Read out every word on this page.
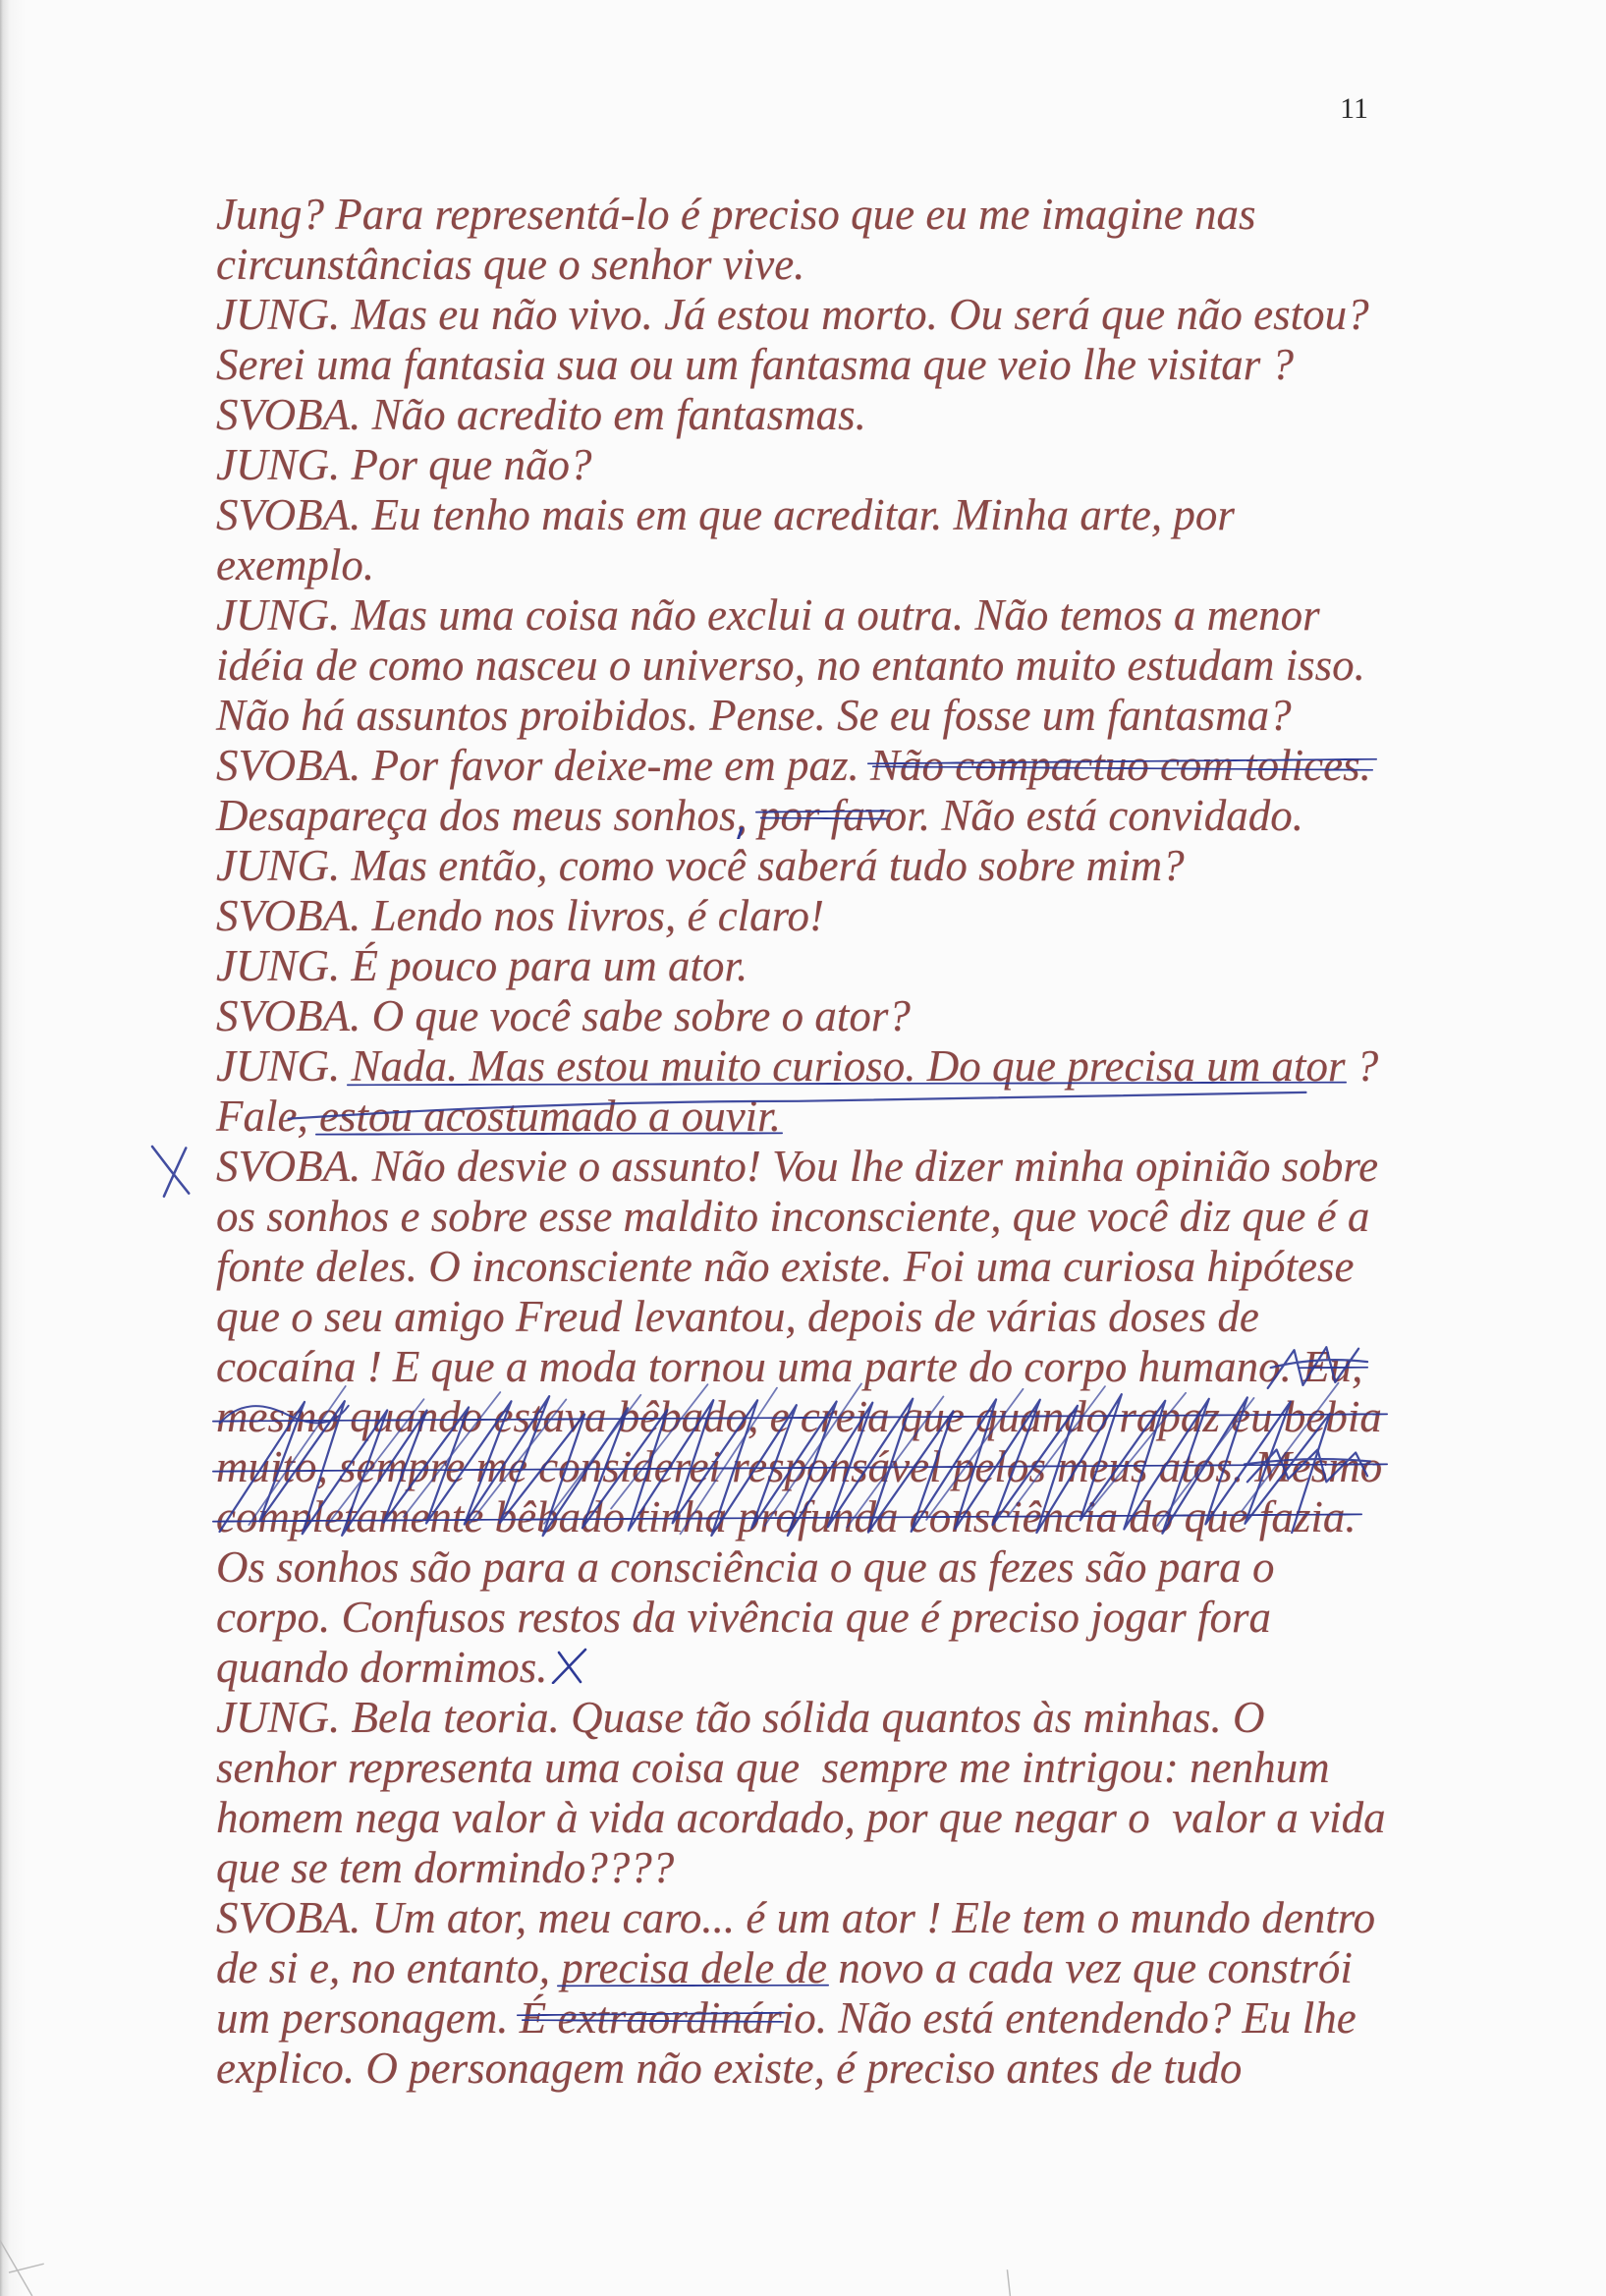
11
Jung? Para representá-lo é preciso que eu me imagine nas
circunstâncias que o senhor vive.
JUNG. Mas eu não vivo. Já estou morto. Ou será que não estou?
Serei uma fantasia sua ou um fantasma que veio lhe visitar ?
SVOBA. Não acredito em fantasmas.
JUNG. Por que não?
SVOBA. Eu tenho mais em que acreditar. Minha arte, por
exemplo.
JUNG. Mas uma coisa não exclui a outra. Não temos a menor
idéia de como nasceu o universo, no entanto muito estudam isso.
Não há assuntos proibidos. Pense. Se eu fosse um fantasma?
SVOBA. Por favor deixe-me em paz. Não compactuo com tolices.
Desapareça dos meus sonhos, por favor. Não está convidado.
JUNG. Mas então, como você saberá tudo sobre mim?
SVOBA. Lendo nos livros, é claro!
JUNG. É pouco para um ator.
SVOBA. O que você sabe sobre o ator?
JUNG. Nada. Mas estou muito curioso. Do que precisa um ator ?
Fale, estou acostumado a ouvir.
SVOBA. Não desvie o assunto! Vou lhe dizer minha opinião sobre
os sonhos e sobre esse maldito inconsciente, que você diz que é a
fonte deles. O inconsciente não existe. Foi uma curiosa hipótese
que o seu amigo Freud levantou, depois de várias doses de
cocaína ! E que a moda tornou uma parte do corpo humano. Eu,
mesmo quando estava bêbado, e creia que quando rapaz eu bebia
muito, sempre me considerei responsável pelos meus atos. Mesmo
completamente bêbado tinha profunda consciência do que fazia.
Os sonhos são para a consciência o que as fezes são para o
corpo. Confusos restos da vivência que é preciso jogar fora
quando dormimos.
JUNG. Bela teoria. Quase tão sólida quantos às minhas. O
senhor representa uma coisa que  sempre me intrigou: nenhum
homem nega valor à vida acordado, por que negar o  valor a vida
que se tem dormindo????
SVOBA. Um ator, meu caro... é um ator ! Ele tem o mundo dentro
de si e, no entanto, precisa dele de novo a cada vez que constrói
um personagem. É extraordinário. Não está entendendo? Eu lhe
explico. O personagem não existe, é preciso antes de tudo
